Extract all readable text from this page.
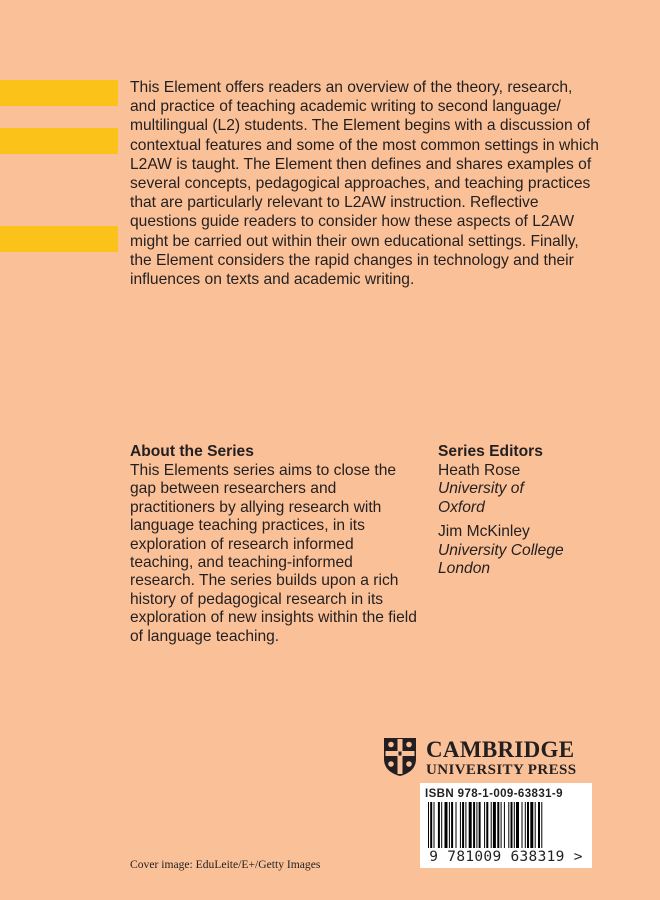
This Element offers readers an overview of the theory, research, and practice of teaching academic writing to second language/ multilingual (L2) students. The Element begins with a discussion of contextual features and some of the most common settings in which L2AW is taught. The Element then defines and shares examples of several concepts, pedagogical approaches, and teaching practices that are particularly relevant to L2AW instruction. Reflective questions guide readers to consider how these aspects of L2AW might be carried out within their own educational settings. Finally, the Element considers the rapid changes in technology and their influences on texts and academic writing.

About the Series

This Elements series aims to close the gap between researchers and practitioners by allying research with language teaching practices, in its exploration of research informed teaching, and teaching-informed research. The series builds upon a rich history of pedagogical research in its exploration of new insights within the field of language teaching.

Series Editors
Heath Rose
University of Oxford
Jim McKinley
University College London
CAMBRIDGE
UNIVERSITY PRESS
ISBN 978-1-009-63831-9
9 781009 638319 >
Cover image: EduLeite/E+/Getty Images
